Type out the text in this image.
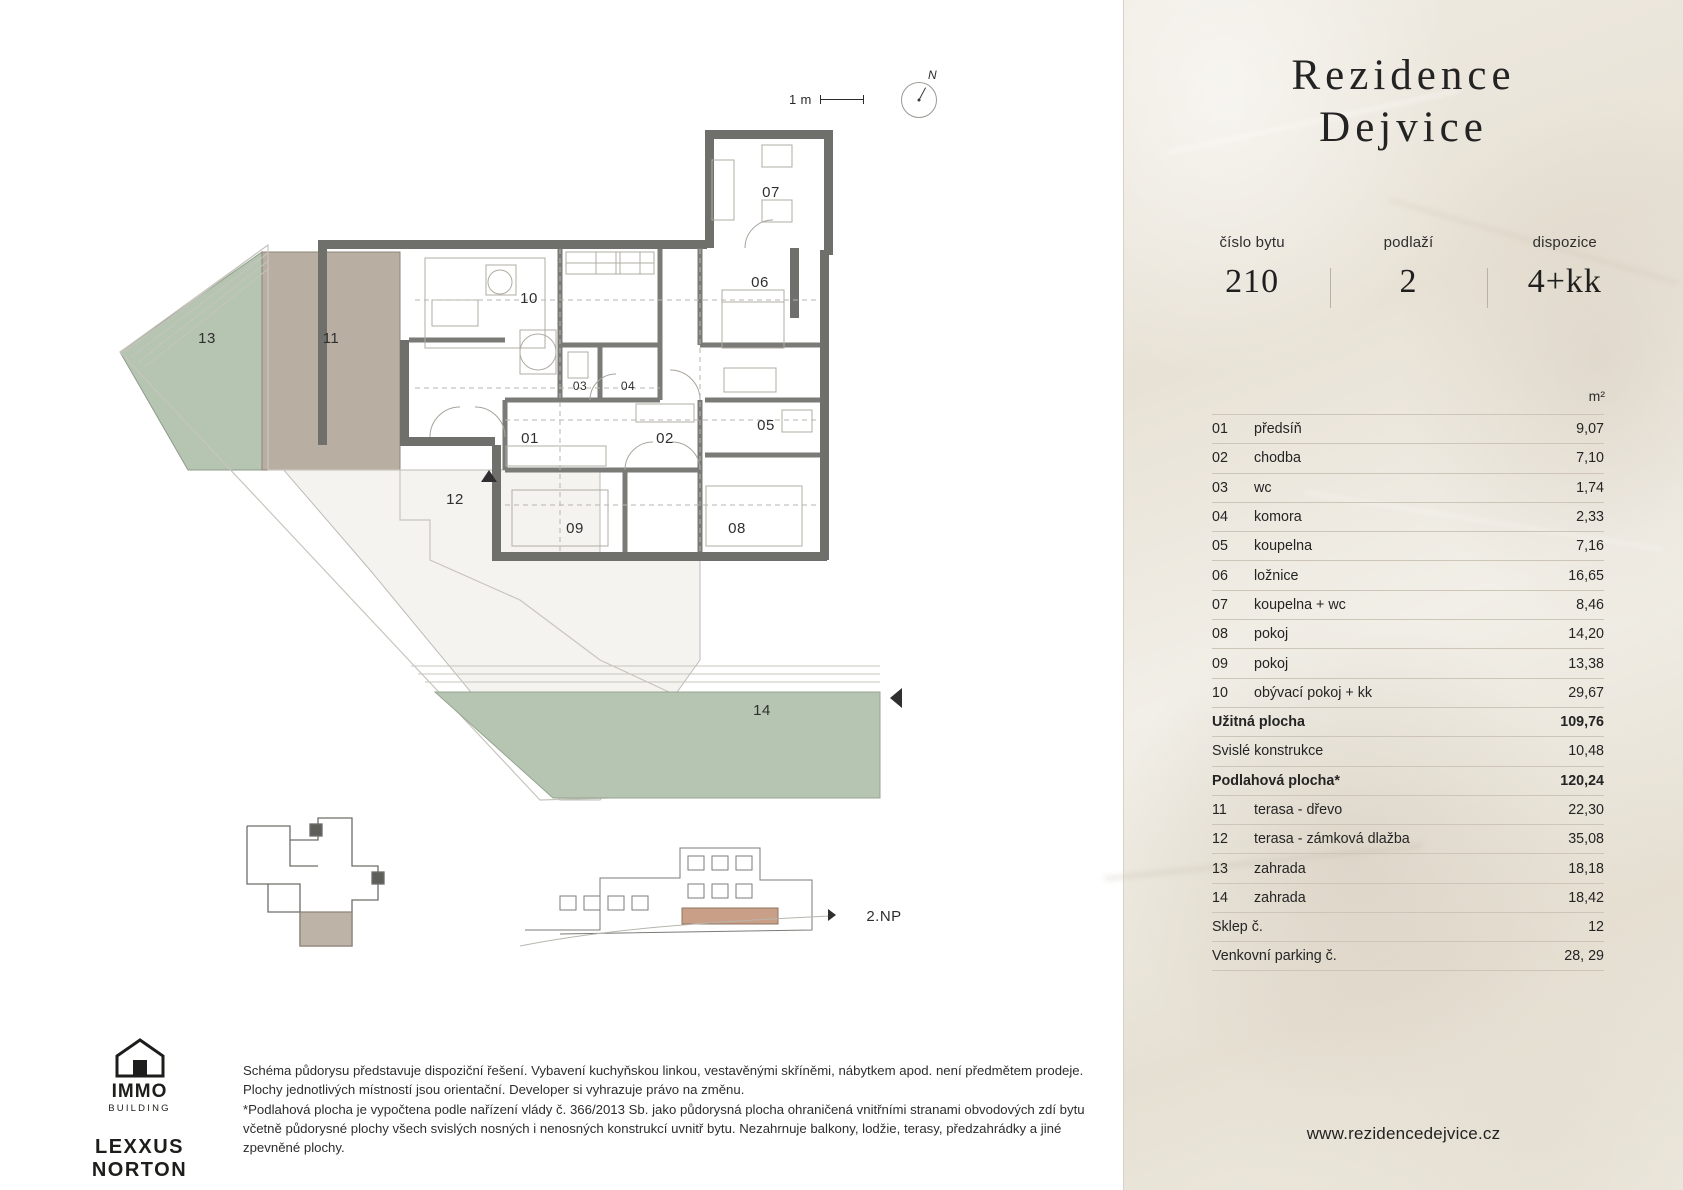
1 m
N
01	02
03	04
05
06
07
08
09
10
11
12
13
14
2.NP
IMMO
BUILDING
LEXXUS
NORTON

Schéma půdorysu představuje dispoziční řešení. Vybavení kuchyňskou linkou, vestavěnými skříněmi, nábytkem apod. není předmětem prodeje. Plochy jednotlivých místností jsou orientační. Developer si vyhrazuje právo na změnu.

*Podlahová plocha je vypočtena podle nařízení vlády č. 366/2013 Sb. jako půdorysná plocha ohraničená vnitřními stranami obvodových zdí bytu včetně půdorysné plochy všech svislých nosných i nenosných konstrukcí uvnitř bytu. Nezahrnuje balkony, lodžie, terasy, předzahrádky a jiné zpevněné plochy.

Rezidence
Dejvice
číslo bytu
210
podlaží
2
dispozice
4+kk
m²
01	předsíň	9,07
02	chodba	7,10
03	wc	1,74
04	komora	2,33
05	koupelna	7,16
06	ložnice	16,65
07	koupelna + wc	8,46
08	pokoj	14,20
09	pokoj	13,38
10	obývací pokoj + kk	29,67
Užitná plocha	109,76
Svislé konstrukce	10,48
Podlahová plocha*	120,24
11	terasa - dřevo	22,30
12	terasa - zámková dlažba	35,08
13	zahrada	18,18
14	zahrada	18,42
Sklep č.	12
Venkovní parking č.	28, 29
www.rezidencedejvice.cz
